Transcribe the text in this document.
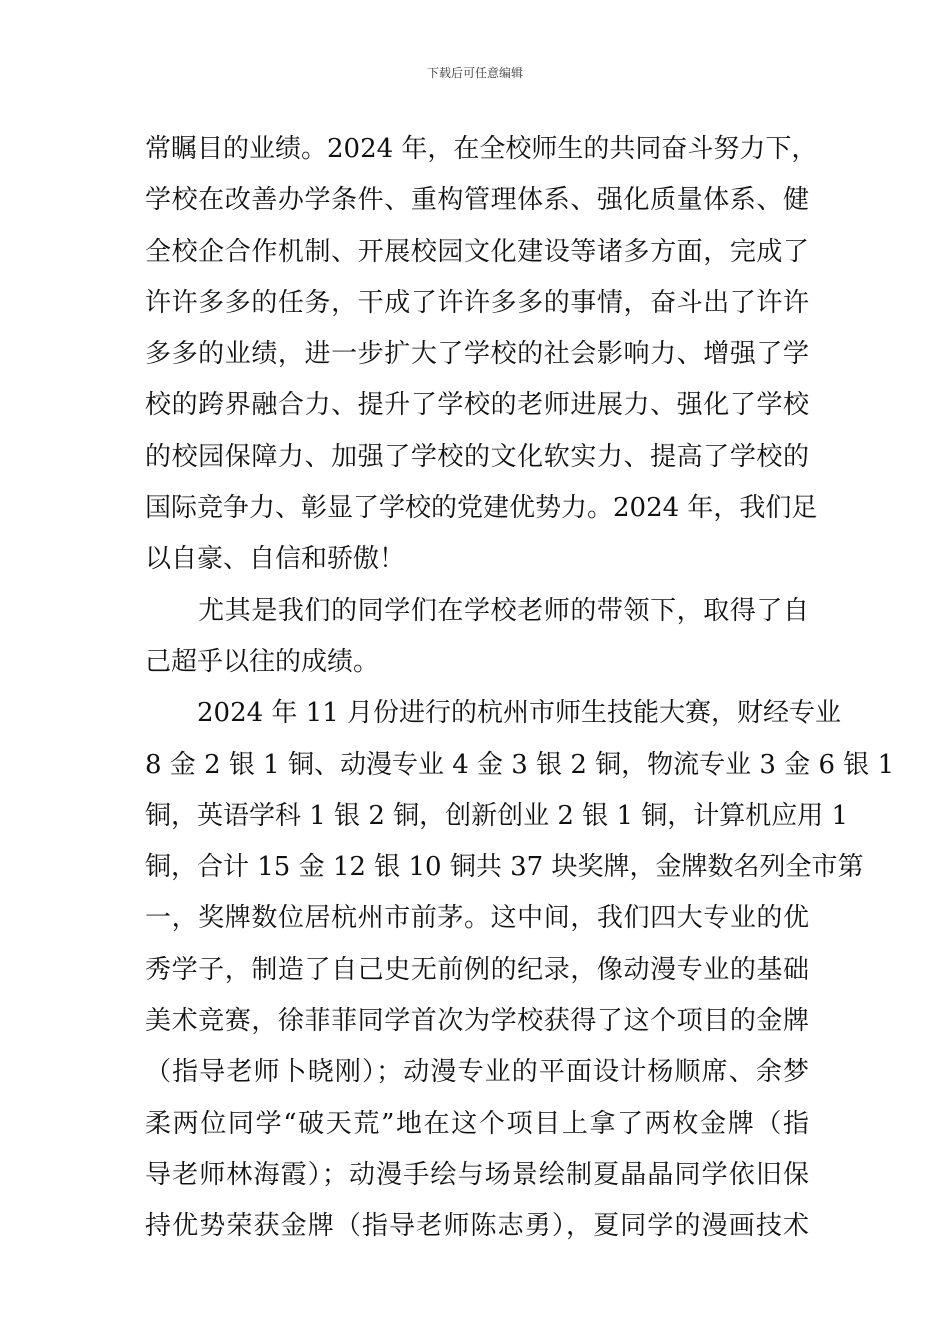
下载后可任意编辑
常瞩目的业绩。2024 年，在全校师生的共同奋斗努力下，
学校在改善办学条件、重构管理体系、强化质量体系、健
全校企合作机制、开展校园文化建设等诸多方面，完成了
许许多多的任务，干成了许许多多的事情，奋斗出了许许
多多的业绩，进一步扩大了学校的社会影响力、增强了学
校的跨界融合力、提升了学校的老师进展力、强化了学校
的校园保障力、加强了学校的文化软实力、提高了学校的
国际竞争力、彰显了学校的党建优势力。2024 年，我们足
以自豪、自信和骄傲！
　　尤其是我们的同学们在学校老师的带领下，取得了自
己超乎以往的成绩。
　　2024 年 11 月份进行的杭州市师生技能大赛，财经专业
8 金 2 银 1 铜、动漫专业 4 金 3 银 2 铜，物流专业 3 金 6 银 1
铜，英语学科 1 银 2 铜，创新创业 2 银 1 铜，计算机应用 1
铜，合计 15 金 12 银 10 铜共 37 块奖牌，金牌数名列全市第
一，奖牌数位居杭州市前茅。这中间，我们四大专业的优
秀学子，制造了自己史无前例的纪录，像动漫专业的基础
美术竞赛，徐菲菲同学首次为学校获得了这个项目的金牌
（指导老师卜晓刚）；动漫专业的平面设计杨顺席、余梦
柔两位同学“破天荒”地在这个项目上拿了两枚金牌（指
导老师林海霞）；动漫手绘与场景绘制夏晶晶同学依旧保
持优势荣获金牌（指导老师陈志勇），夏同学的漫画技术
